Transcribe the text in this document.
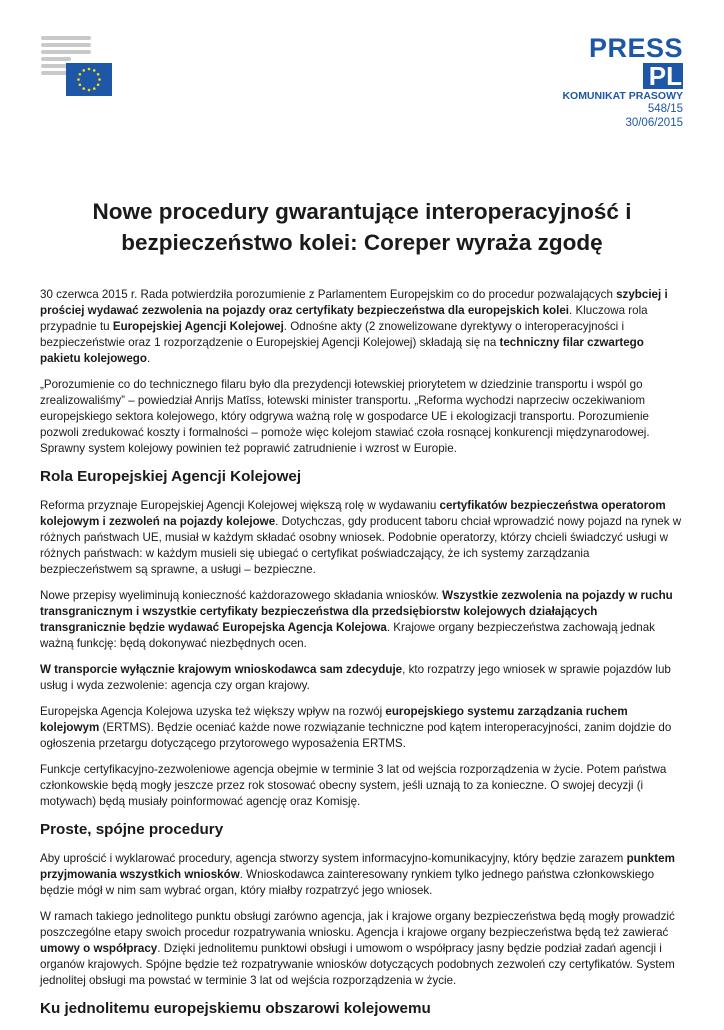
PRESS
PL
KOMUNIKAT PRASOWY
548/15
30/06/2015
Nowe procedury gwarantujące interoperacyjność i bezpieczeństwo kolei: Coreper wyraża zgodę

30 czerwca 2015 r. Rada potwierdziła porozumienie z Parlamentem Europejskim co do procedur pozwalających szybciej i prościej wydawać zezwolenia na pojazdy oraz certyfikaty bezpieczeństwa dla europejskich kolei. Kluczowa rola przypadnie tu Europejskiej Agencji Kolejowej. Odnośne akty (2 znowelizowane dyrektywy o interoperacyjności i bezpieczeństwie oraz 1 rozporządzenie o Europejskiej Agencji Kolejowej) składają się na techniczny filar czwartego pakietu kolejowego.

„Porozumienie co do technicznego filaru było dla prezydencji łotewskiej priorytetem w dziedzinie transportu i wspól go zrealizowaliśmy” – powiedział Anrijs Matīss, łotewski minister transportu. „Reforma wychodzi naprzeciw oczekiwaniom europejskiego sektora kolejowego, który odgrywa ważną rolę w gospodarce UE i ekologizacji transportu. Porozumienie pozwoli zredukować koszty i formalności – pomoże więc kolejom stawiać czoła rosnącej konkurencji międzynarodowej. Sprawny system kolejowy powinien też poprawić zatrudnienie i wzrost w Europie.

Rola Europejskiej Agencji Kolejowej

Reforma przyznaje Europejskiej Agencji Kolejowej większą rolę w wydawaniu certyfikatów bezpieczeństwa operatorom kolejowym i zezwoleń na pojazdy kolejowe. Dotychczas, gdy producent taboru chciał wprowadzić nowy pojazd na rynek w różnych państwach UE, musiał w każdym składać osobny wniosek. Podobnie operatorzy, którzy chcieli świadczyć usługi w różnych państwach: w każdym musieli się ubiegać o certyfikat poświadczający, że ich systemy zarządzania bezpieczeństwem są sprawne, a usługi – bezpieczne.

Nowe przepisy wyeliminują konieczność każdorazowego składania wniosków. Wszystkie zezwolenia na pojazdy w ruchu transgranicznym i wszystkie certyfikaty bezpieczeństwa dla przedsiębiorstw kolejowych działających transgranicznie będzie wydawać Europejska Agencja Kolejowa. Krajowe organy bezpieczeństwa zachowają jednak ważną funkcję: będą dokonywać niezbędnych ocen.

W transporcie wyłącznie krajowym wnioskodawca sam zdecyduje, kto rozpatrzy jego wniosek w sprawie pojazdów lub usług i wyda zezwolenie: agencja czy organ krajowy.

Europejska Agencja Kolejowa uzyska też większy wpływ na rozwój europejskiego systemu zarządzania ruchem kolejowym (ERTMS). Będzie oceniać każde nowe rozwiązanie techniczne pod kątem interoperacyjności, zanim dojdzie do ogłoszenia przetargu dotyczącego przytorowego wyposażenia ERTMS.

Funkcje certyfikacyjno-zezwoleniowe agencja obejmie w terminie 3 lat od wejścia rozporządzenia w życie. Potem państwa członkowskie będą mogły jeszcze przez rok stosować obecny system, jeśli uznają to za konieczne. O swojej decyzji (i motywach) będą musiały poinformować agencję oraz Komisję.

Proste, spójne procedury

Aby uprościć i wyklarować procedury, agencja stworzy system informacyjno-komunikacyjny, który będzie zarazem punktem przyjmowania wszystkich wniosków. Wnioskodawca zainteresowany rynkiem tylko jednego państwa członkowskiego będzie mógł w nim sam wybrać organ, który miałby rozpatrzyć jego wniosek.

W ramach takiego jednolitego punktu obsługi zarówno agencja, jak i krajowe organy bezpieczeństwa będą mogły prowadzić poszczególne etapy swoich procedur rozpatrywania wniosku. Agencja i krajowe organy bezpieczeństwa będą też zawierać umowy o współpracy. Dzięki jednolitemu punktowi obsługi i umowom o współpracy jasny będzie podział zadań agencji i organów krajowych. Spójne będzie też rozpatrywanie wniosków dotyczących podobnych zezwoleń czy certyfikatów. System jednolitej obsługi ma powstać w terminie 3 lat od wejścia rozporządzenia w życie.

Ku jednolitemu europejskiemu obszarowi kolejowemu
